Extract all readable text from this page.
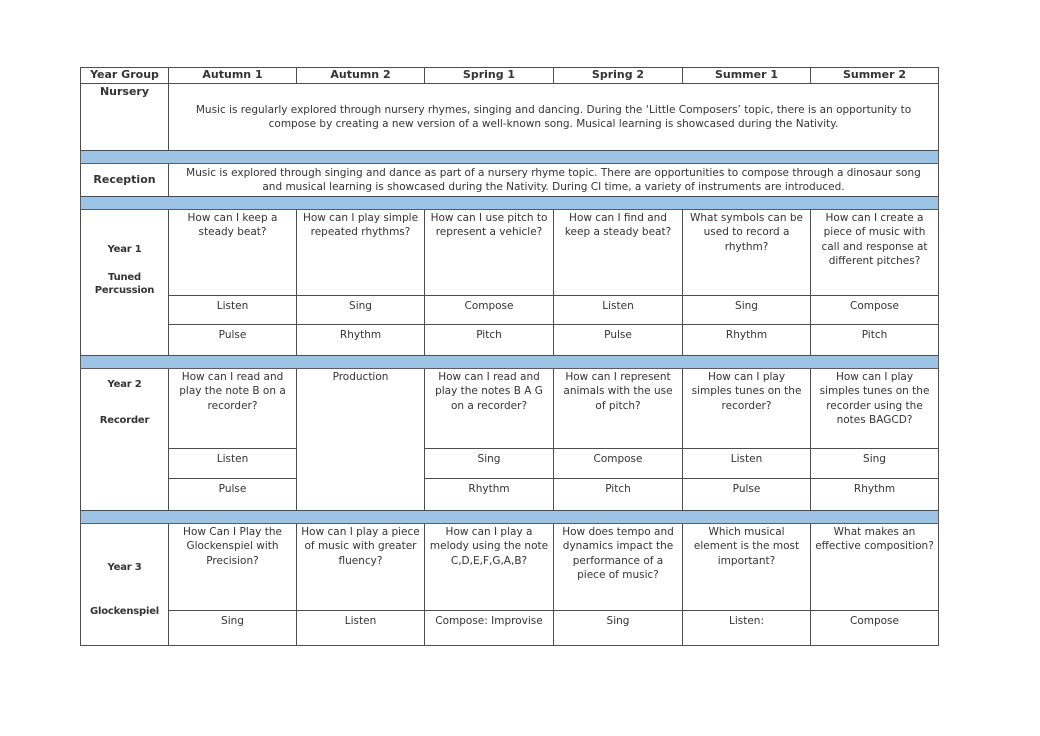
Year Group	Autumn 1	Autumn 2	Spring 1	Spring 2	Summer 1	Summer 2
Nursery	Music is regularly explored through nursery rhymes, singing and dancing. During the ‘Little Composers’ topic, there is an opportunity to compose by creating a new version of a well-known song. Musical learning is showcased during the Nativity.					

Reception	Music is explored through singing and dance as part of a nursery rhyme topic. There are opportunities to compose through a dinosaur song and musical learning is showcased during the Nativity. During CI time, a variety of instruments are introduced.					

Year 1
Tuned Percussion	How can I keep a steady beat?	How can I play simple repeated rhythms?	How can I use pitch to represent a vehicle?	How can I find and keep a steady beat?	What symbols can be used to record a rhythm?	How can I create a piece of music with call and response at different pitches?
	Listen	Sing	Compose	Listen	Sing	Compose
	Pulse	Rhythm	Pitch	Pulse	Rhythm	Pitch

Year 2
Recorder	How can I read and play the note B on a recorder?	Production	How can I read and play the notes B A G on a recorder?	How can I represent animals with the use of pitch?	How can I play simples tunes on the recorder?	How can I play simples tunes on the recorder using the notes BAGCD?
	Listen		Sing	Compose	Listen	Sing
	Pulse		Rhythm	Pitch	Pulse	Rhythm

Year 3
Glockenspiel	How Can I Play the Glockenspiel with Precision?	How can I play a piece of music with greater fluency?	How can I play a melody using the note C,D,E,F,G,A,B?	How does tempo and dynamics impact the performance of a piece of music?	Which musical element is the most important?	What makes an effective composition?
	Sing	Listen	Compose: Improvise	Sing	Listen:	Compose
